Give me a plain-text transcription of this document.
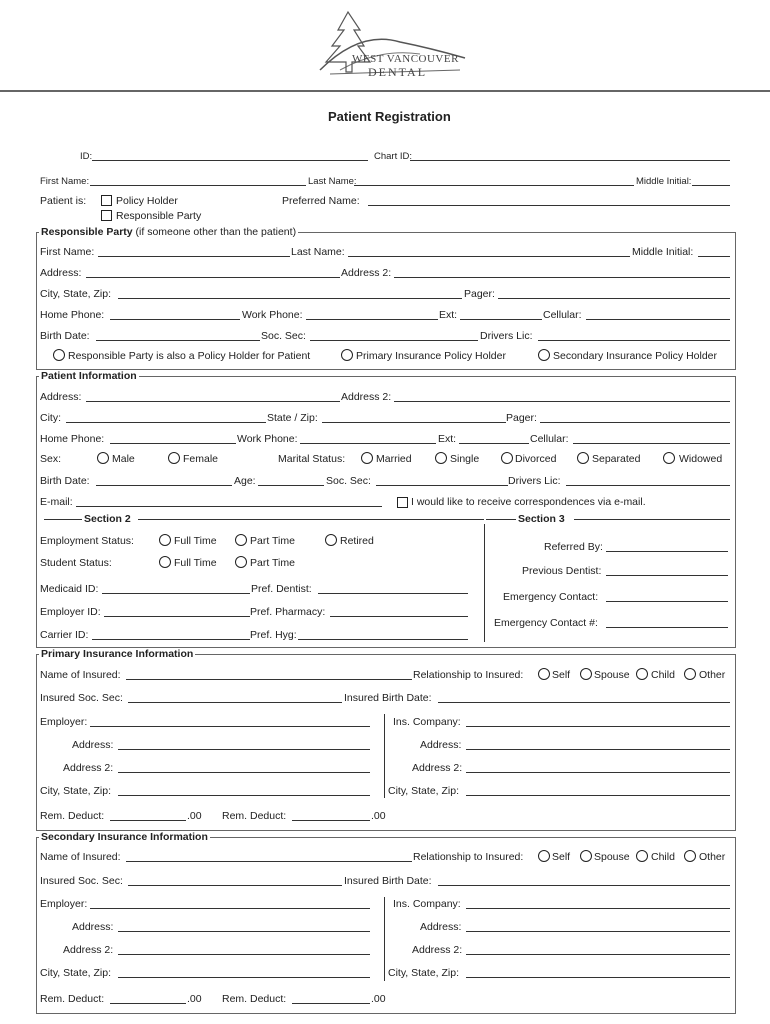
WEST VANCOUVER
DENTAL
Patient Registration
ID:	Chart ID:
First Name:	Last Name:	Middle Initial:
Patient is:	Policy Holder
Responsible Party
Preferred Name:
Responsible Party (if someone other than the patient)
First Name:	Last Name:	Middle Initial:
Address:	Address 2:
City, State, Zip:	Pager:
Home Phone:	Work Phone:	Ext:	Cellular:
Birth Date:	Soc. Sec:	Drivers Lic:
Responsible Party is also a Policy Holder for Patient	Primary Insurance Policy Holder	Secondary Insurance Policy Holder
Patient Information
Address:	Address 2:
City:	State / Zip:	Pager:
Home Phone:	Work Phone:	Ext:	Cellular:
Sex:	Male	Female	Marital Status:	Married	Single	Divorced	Separated	Widowed
Birth Date:	Age:	Soc. Sec:	Drivers Lic:
E-mail:	I would like to receive correspondences via e-mail.
Section 2	Section 3
Employment Status:	Full Time	Part Time	Retired
Student Status:	Full Time	Part Time
Medicaid ID:	Pref. Dentist:
Employer ID:	Pref. Pharmacy:
Carrier ID:	Pref. Hyg:
Referred By:
Previous Dentist:
Emergency Contact:
Emergency Contact #:
Primary Insurance Information
Name of Insured:	Relationship to Insured:	Self Spouse Child Other
Insured Soc. Sec:	Insured Birth Date:
Employer:	Ins. Company:
Address:	Address:
Address 2:	Address 2:
City, State, Zip:	City, State, Zip:
Rem. Deduct:	.00 Rem. Deduct:	.00
Secondary Insurance Information
Name of Insured:	Relationship to Insured:	Self Spouse Child Other
Insured Soc. Sec:	Insured Birth Date:
Employer:	Ins. Company:
Address:	Address:
Address 2:	Address 2:
City, State, Zip:	City, State, Zip:
Rem. Deduct:	.00 Rem. Deduct:	.00
